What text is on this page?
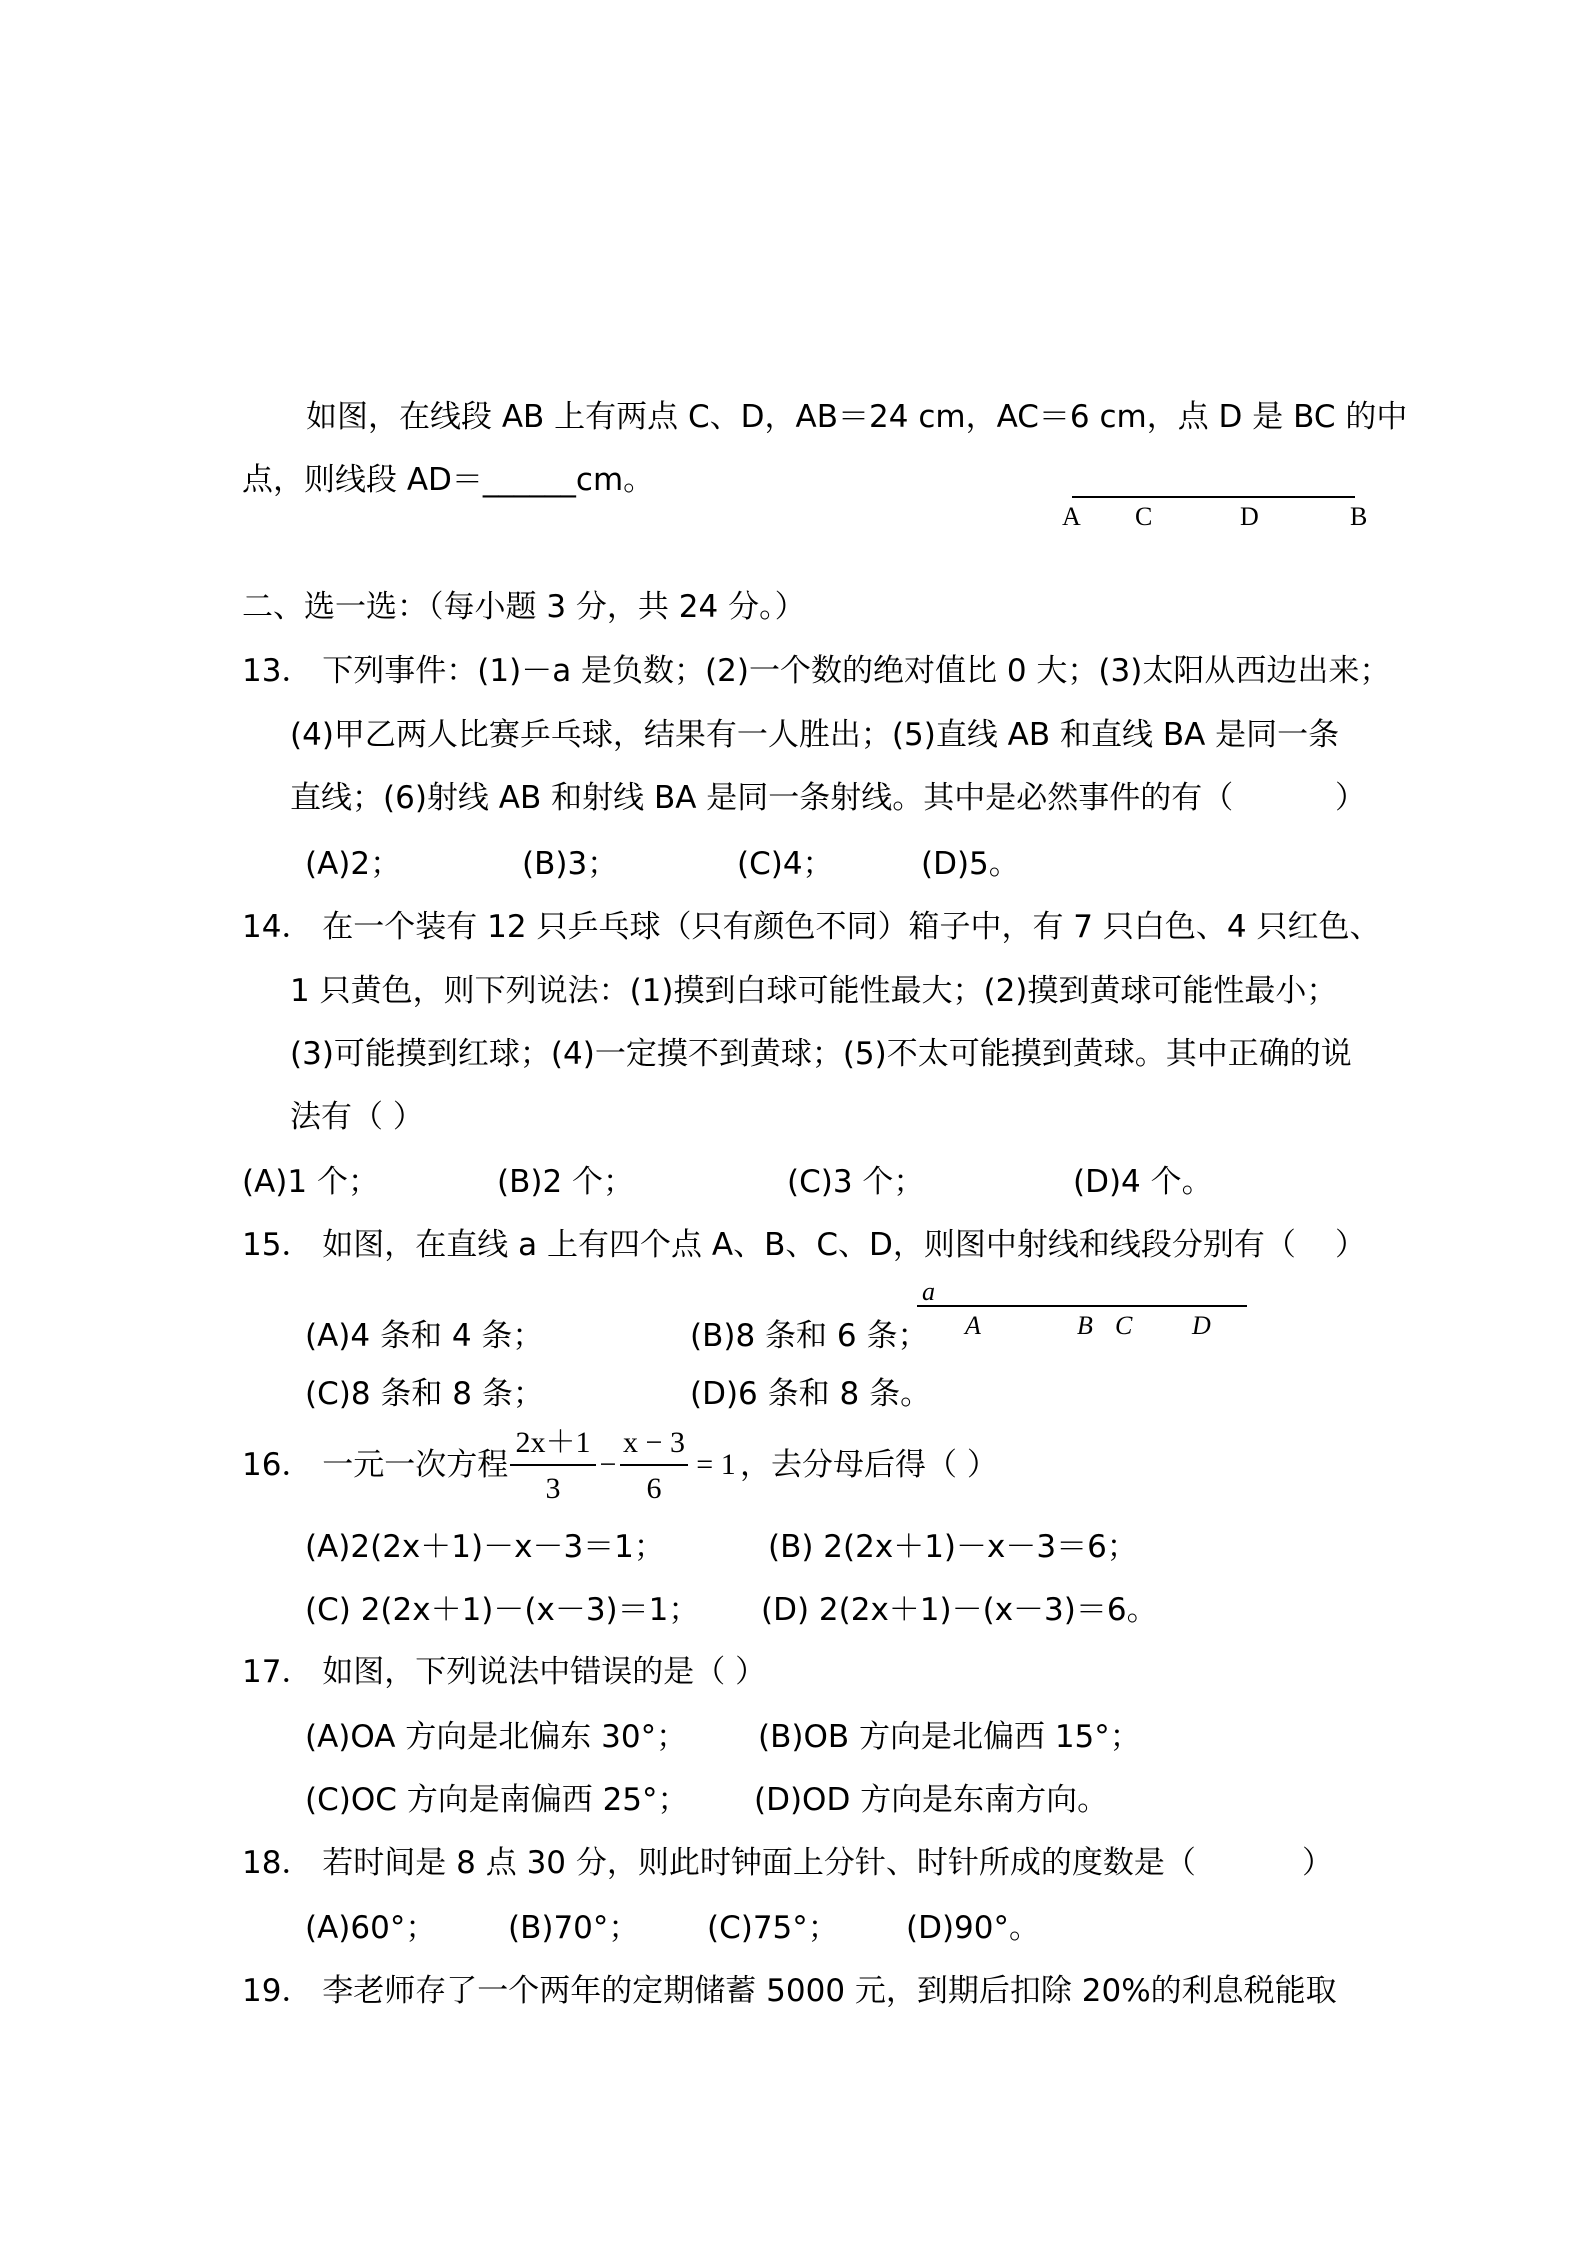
如图，在线段 AB 上有两点 C、D，AB＝24 cm，AC＝6 cm，点 D 是 BC 的中
点，则线段 AD＝______cm。
A C	D	B
二、选一选：（每小题 3 分，共 24 分。）
13． 下列事件：(1)－a 是负数；(2)一个数的绝对值比 0 大；(3)太阳从西边出来；
(4)甲乙两人比赛乒乓球，结果有一人胜出；(5)直线 AB 和直线 BA 是同一条
直线；(6)射线 AB 和射线 BA 是同一条射线。其中是必然事件的有（	）
(A)2；	(B)3；	(C)4；	(D)5。
14． 在一个装有 12 只乒乓球（只有颜色不同）箱子中，有 7 只白色、4 只红色、
1 只黄色，则下列说法：(1)摸到白球可能性最大；(2)摸到黄球可能性最小；
(3)可能摸到红球；(4)一定摸不到黄球；(5)不太可能摸到黄球。其中正确的说
法有（ ）
(A)1 个；	(B)2 个；	(C)3 个；	(D)4 个。
15． 如图，在直线 a 上有四个点 A、B、C、D，则图中射线和线段分别有（ ）
(A)4 条和 4 条；	(B)8 条和 6 条；
(C)8 条和 8 条；	(D)6 条和 8 条。
a
A	B C D
16． 一元一次方程
2x＋1
3
−
x − 3
6
= 1 ，去分母后得（ ）
(A)2(2x＋1)－x－3＝1；	(B) 2(2x＋1)－x－3＝6；
(C) 2(2x＋1)－(x－3)＝1； (D) 2(2x＋1)－(x－3)＝6。
17． 如图，下列说法中错误的是（ ）
(A)OA 方向是北偏东 30°； (B)OB 方向是北偏西 15°；
(C)OC 方向是南偏西 25°； (D)OD 方向是东南方向。
18． 若时间是 8 点 30 分，则此时钟面上分针、时针所成的度数是（	）
(A)60°； (B)70°； (C)75°； (D)90°。
19． 李老师存了一个两年的定期储蓄 5000 元，到期后扣除 20%的利息税能取
